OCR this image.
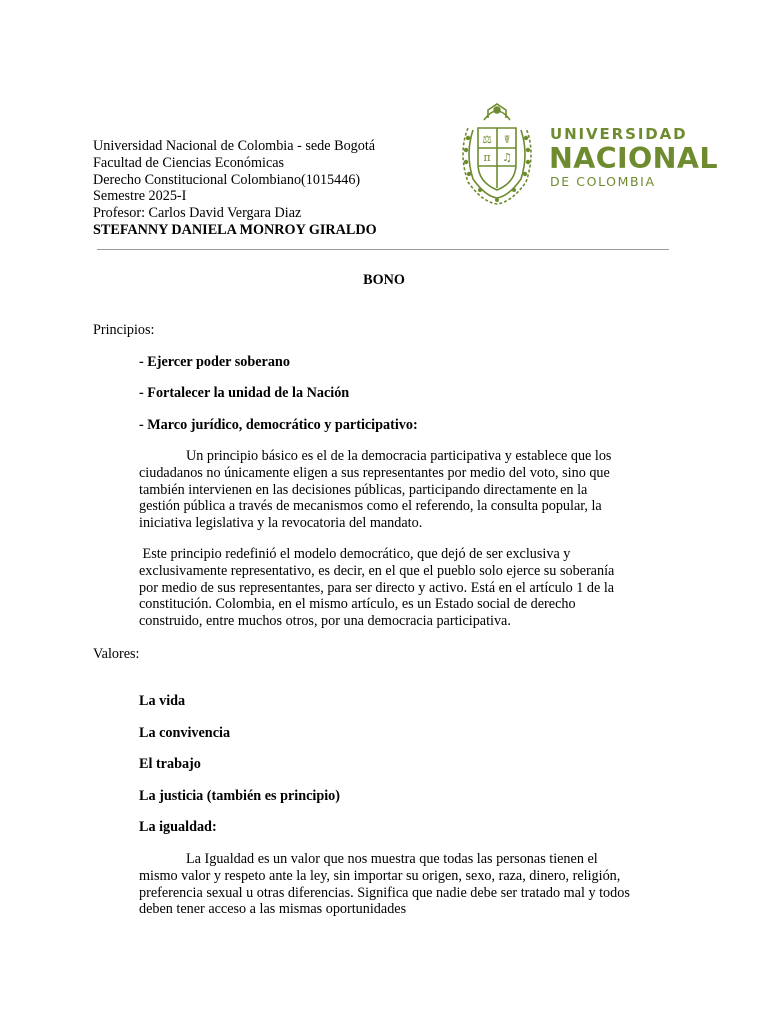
Universidad Nacional de Colombia - sede Bogotá
Facultad de Ciencias Económicas
Derecho Constitucional Colombiano(1015446)
Semestre 2025-I
Profesor: Carlos David Vergara Diaz
STEFANNY DANIELA MONROY GIRALDO
⚖ ☤
π ♫
UNIVERSIDAD
NACIONAL
DE COLOMBIA
BONO
Principios:
- Ejercer poder soberano
- Fortalecer la unidad de la Nación
- Marco jurídico, democrático y participativo:
Un principio básico es el de la democracia participativa y establece que los
ciudadanos no únicamente eligen a sus representantes por medio del voto, sino que
también intervienen en las decisiones públicas, participando directamente en la
gestión pública a través de mecanismos como el referendo, la consulta popular, la
iniciativa legislativa y la revocatoria del mandato.
Este principio redefinió el modelo democrático, que dejó de ser exclusiva y
exclusivamente representativo, es decir, en el que el pueblo solo ejerce su soberanía
por medio de sus representantes, para ser directo y activo. Está en el artículo 1 de la
constitución. Colombia, en el mismo artículo, es un Estado social de derecho
construido, entre muchos otros, por una democracia participativa.
Valores:
La vida
La convivencia
El trabajo
La justicia (también es principio)
La igualdad:
La Igualdad es un valor que nos muestra que todas las personas tienen el
mismo valor y respeto ante la ley, sin importar su origen, sexo, raza, dinero, religión,
preferencia sexual u otras diferencias. Significa que nadie debe ser tratado mal y todos
deben tener acceso a las mismas oportunidades
